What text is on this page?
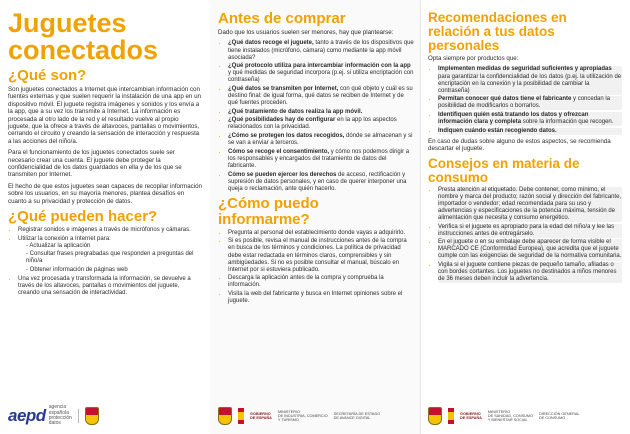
Juguetes
conectados
¿Qué son?

Son juguetes conectados a Internet que intercambian información con fuentes externas y que suelen requerir la instalación de una app en un dispositivo móvil. El juguete registra imágenes y sonidos y los envía a la app, que a su vez los transmite a Internet. La información es procesada al otro lado de la red y el resultado vuelve al propio juguete, que la ofrece a través de altavoces, pantallas o movimientos, cerrando el circuito y creando la sensación de interacción y respuesta a las acciones del niño/a.

Para el funcionamiento de los juguetes conectados suele ser necesario crear una cuenta. El juguete debe proteger la confidencialidad de los datos guardados en ella y de los que se transmiten por Internet.

El hecho de que estos juguetes sean capaces de recopilar información sobre los usuarios, en su mayoría menores, plantea desafíos en cuanto a su privacidad y protección de datos.

¿Qué pueden hacer?
• Registrar sonidos e imágenes a través de micrófonos y cámaras.
• Utilizar la conexión a Internet para:
- Actualizar la aplicación
- Consultar frases pregrabadas que responden a preguntas del niño/a
- Obtener información de páginas web
• Una vez procesada y transformada la información, se devuelve a través de los altavoces, pantallas o movimientos del juguete, creando una sensación de interactividad.
aepd agencia
española
protección
datos
Antes de comprar

Dado que los usuarios suelen ser menores, hay que plantearse:

• ¿Qué datos recoge el juguete, tanto a través de los dispositivos que tiene instalados (micrófono, cámara) como mediante la app móvil asociada?
• ¿Qué protocolo utiliza para intercambiar información con la app y qué medidas de seguridad incorpora (p.ej. si utiliza encriptación con contraseña)
• ¿Qué datos se transmiten por Internet, con qué objeto y cuál es su destino final: de igual forma, qué datos se reciben de Internet y de qué fuentes proceden.
• ¿Qué tratamiento de datos realiza la app móvil.
• ¿Qué posibilidades hay de configurar en la app los aspectos relacionados con la privacidad.
• ¿Cómo se protegen los datos recogidos, dónde se almacenan y si se van a enviar a terceros.
• Cómo se recoge el consentimiento, y cómo nos podemos dirigir a los responsables y encargados del tratamiento de datos del fabricante.
• Cómo se pueden ejercer los derechos de acceso, rectificación y supresión de datos personales, y en caso de querer interponer una queja o reclamación, ante quién hacerlo.
¿Cómo puedo informarme?
• Pregunta al personal del establecimiento donde vayas a adquirirlo.
• Si es posible, revisa el manual de instrucciones antes de la compra en busca de los términos y condiciones. La política de privacidad debe estar redactada en términos claros, comprensibles y sin ambigüedades. Si no es posible consultar el manual, búscalo en Internet por si estuviera publicado.
• Descarga la aplicación antes de la compra y comprueba la información.
• Visita la web del fabricante y busca en Internet opiniones sobre el juguete.
GOBIERNO
DE ESPAÑA
MINISTERIO
DE INDUSTRIA, COMERCIO
Y TURISMO
SECRETARÍA DE ESTADO
DE AVANCE DIGITAL
Recomendaciones en relación a tus datos personales

Opta siempre por productos que:

• Implementen medidas de seguridad suficientes y apropiadas para garantizar la confidencialidad de los datos (p.ej. la utilización de encriptación en la conexión y la posibilidad de cambiar la contraseña)
• Permitan conocer qué datos tiene el fabricante y concedan la posibilidad de modificarlos o borrarlos.
• Identifiquen quién está tratando los datos y ofrezcan información clara y completa sobre la información que recogen.
• Indiquen cuándo están recogiendo datos.

En caso de dudas sobre alguno de estos aspectos, se recomienda descartar el juguete.

Consejos en materia de consumo
• Presta atención al etiquetado. Debe contener, como mínimo, el nombre y marca del producto; razón social y dirección del fabricante, importador o vendedor; edad recomendada para su uso y advertencias y especificaciones de la potencia máxima, tensión de alimentación que necesita y consumo energético.
• Verifica si el juguete es apropiado para la edad del niño/a y lee las instrucciones antes de entregárselo.
• En el juguete o en su embalaje debe aparecer de forma visible el MARCADO CE (Conformidad Europea), que acredita que el juguete cumple con las exigencias de seguridad de la normativa comunitaria.
• Vigila si el juguete contiene piezas de pequeño tamaño, afiladas o con bordes cortantes. Los juguetes no destinados a niños menores de 36 meses deben incluir la advertencia.
GOBIERNO
DE ESPAÑA
MINISTERIO
DE SANIDAD, CONSUMO
Y BIENESTAR SOCIAL
DIRECCIÓN GENERAL
DE CONSUMO
